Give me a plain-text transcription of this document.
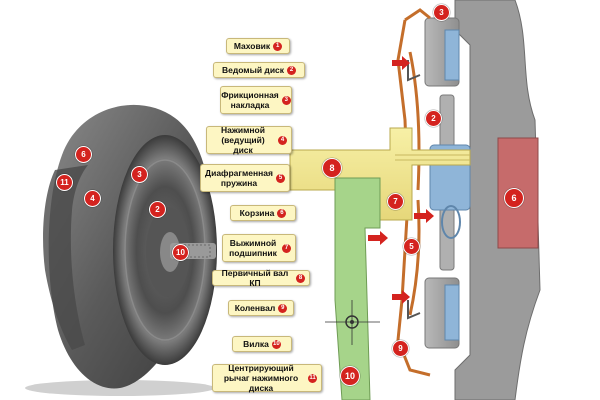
Маховик 1
Ведомый диск 2
Фрикционная накладка
3
Нажимной (ведущий) диск
4
Диафрагменная пружина
5
Корзина 6
Выжимной подшипник
7
Первичный вал КП
8
Коленвал 9
Вилка 10
Центрирующий рычаг нажимного диска
11
6
3
11
4
2
10
3
2
8
7
5
6
9
10
